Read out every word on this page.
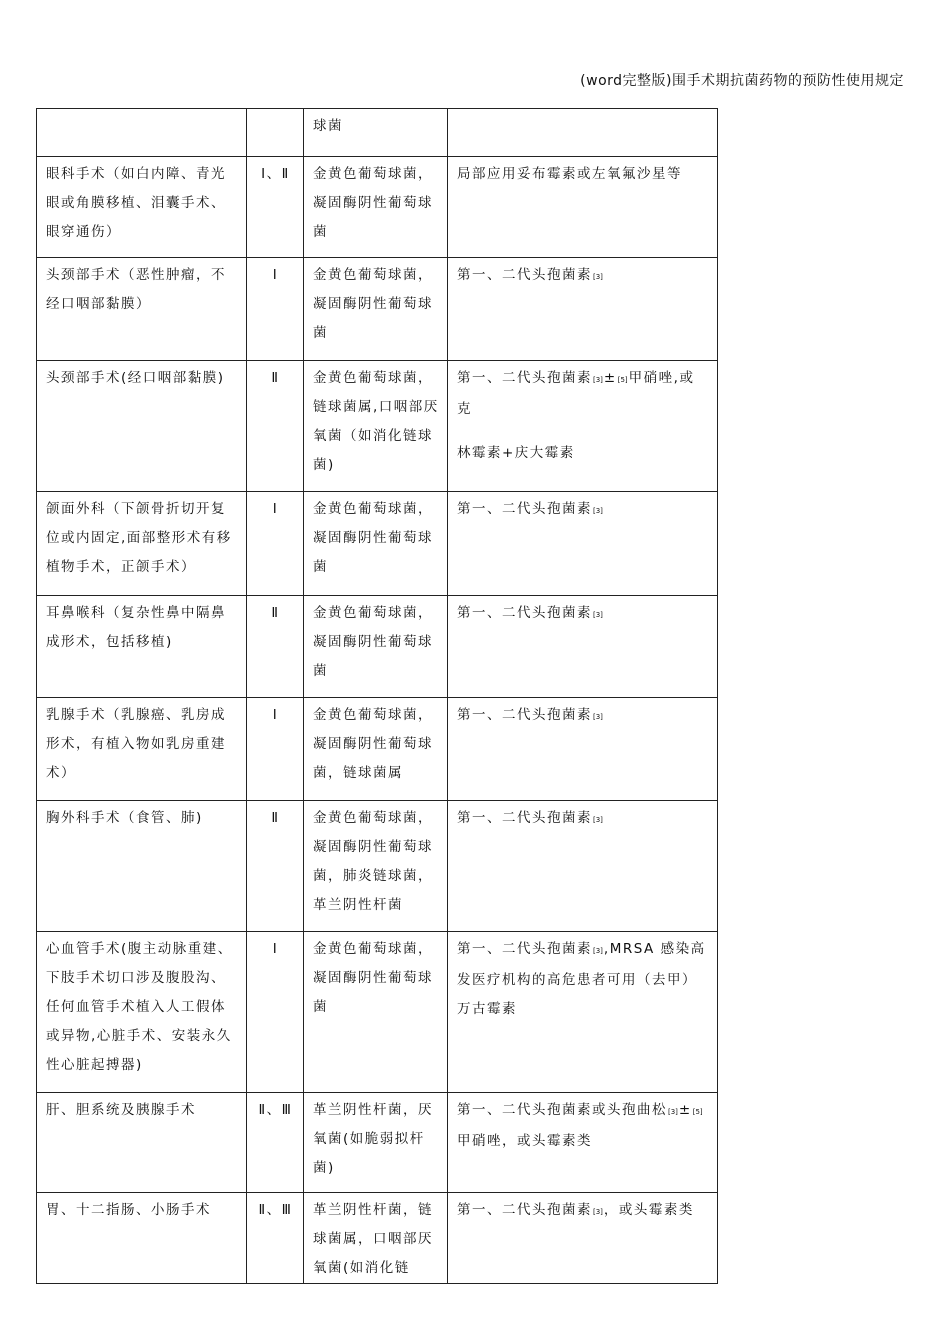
(word完整版)围手术期抗菌药物的预防性使用规定
		球菌	
眼科手术（如白内障、青光眼或角膜移植、泪囊手术、眼穿通伤）	Ⅰ、Ⅱ	金黄色葡萄球菌，凝固酶阴性葡萄球菌	局部应用妥布霉素或左氧氟沙星等
头颈部手术（恶性肿瘤，不经口咽部黏膜）	Ⅰ	金黄色葡萄球菌，凝固酶阴性葡萄球菌	第一、二代头孢菌素[3]
头颈部手术(经口咽部黏膜)	Ⅱ	金黄色葡萄球菌，链球菌属,口咽部厌氧菌（如消化链球菌)	第一、二代头孢菌素[3]±[5]甲硝唑,或克
林霉素+庆大霉素

颌面外科（下颌骨折切开复位或内固定,面部整形术有移植物手术，正颌手术）	Ⅰ	金黄色葡萄球菌，凝固酶阴性葡萄球菌	第一、二代头孢菌素[3]
耳鼻喉科（复杂性鼻中隔鼻成形术，包括移植)	Ⅱ	金黄色葡萄球菌，凝固酶阴性葡萄球菌	第一、二代头孢菌素[3]
乳腺手术（乳腺癌、乳房成形术，有植入物如乳房重建术）	Ⅰ	金黄色葡萄球菌，凝固酶阴性葡萄球菌，链球菌属	第一、二代头孢菌素[3]
胸外科手术（食管、肺)	Ⅱ	金黄色葡萄球菌，凝固酶阴性葡萄球菌，肺炎链球菌，革兰阴性杆菌	第一、二代头孢菌素[3]
心血管手术(腹主动脉重建、下肢手术切口涉及腹股沟、任何血管手术植入人工假体或异物,心脏手术、安装永久性心脏起搏器)	Ⅰ	金黄色葡萄球菌，凝固酶阴性葡萄球菌	第一、二代头孢菌素[3],MRSA 感染高发医疗机构的高危患者可用（去甲）万古霉素
肝、胆系统及胰腺手术	Ⅱ、Ⅲ	革兰阴性杆菌，厌氧菌(如脆弱拟杆菌)	第一、二代头孢菌素或头孢曲松[3]±[5]甲硝唑，或头霉素类
胃、十二指肠、小肠手术	Ⅱ、Ⅲ	革兰阴性杆菌，链球菌属，口咽部厌氧菌(如消化链	第一、二代头孢菌素[3]，或头霉素类
